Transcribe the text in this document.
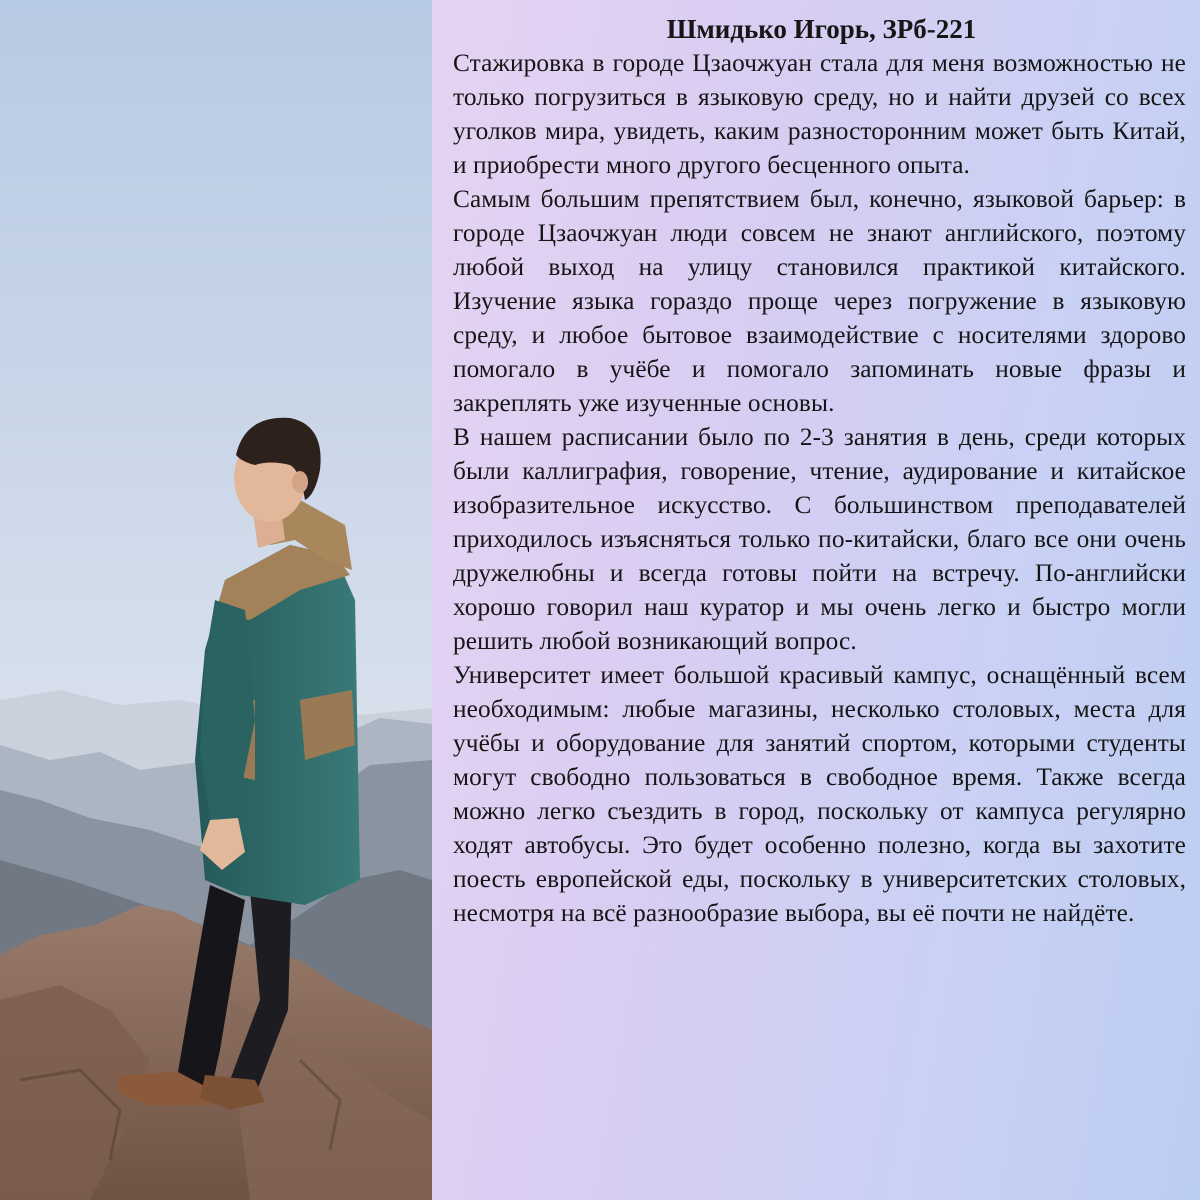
Шмидько Игорь, ЗРб-221

Стажировка в городе Цзаочжуан стала для меня возможностью не только погрузиться в языковую среду, но и найти друзей со всех уголков мира, увидеть, каким разносторонним может быть Китай, и приобрести много другого бесценного опыта.

Самым большим препятствием был, конечно, языковой барьер: в городе Цзаочжуан люди совсем не знают английского, поэтому любой выход на улицу становился практикой китайского. Изучение языка гораздо проще через погружение в языковую среду, и любое бытовое взаимодействие с носителями здорово помогало в учёбе и помогало запоминать новые фразы и закреплять уже изученные основы.

В нашем расписании было по 2-3 занятия в день, среди которых были каллиграфия, говорение, чтение, аудирование и китайское изобразительное искусство. С большинством преподавателей приходилось изъясняться только по-китайски, благо все они очень дружелюбны и всегда готовы пойти на встречу. По-английски хорошо говорил наш куратор и мы очень легко и быстро могли решить любой возникающий вопрос.

Университет имеет большой красивый кампус, оснащённый всем необходимым: любые магазины, несколько столовых, места для учёбы и оборудование для занятий спортом, которыми студенты могут свободно пользоваться в свободное время. Также всегда можно легко съездить в город, поскольку от кампуса регулярно ходят автобусы. Это будет особенно полезно, когда вы захотите поесть европейской еды, поскольку в университетских столовых, несмотря на всё разнообразие выбора, вы её почти не найдёте.
